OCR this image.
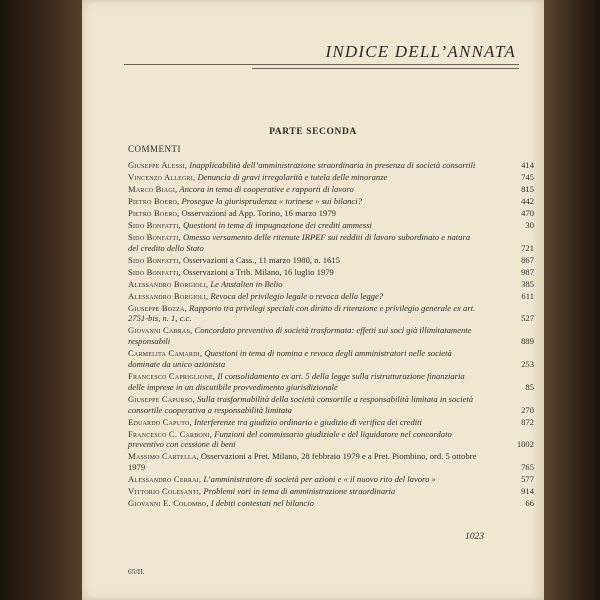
INDICE DELL’ANNATA
PARTE SECONDA
COMMENTI
Giuseppe Alessi, Inapplicabilità dell’amministrazione straordinaria in presenza di società consortili	414
Vincenzo Allegri, Denuncia di gravi irregolarità e tutela delle minoranze	745
Marco Biagi, Ancora in tema di cooperative e rapporti di lavoro	815
Pietro Boero, Prosegue la giurisprudenza « torinese » sui bilanci?	442
Pietro Boero, Osservazioni ad App. Torino, 16 marzo 1979	470
Sido Bonfatti, Questioni in tema di impugnazione dei crediti ammessi	30
Sido Bonfatti, Omesso versamento delle ritenute IRPEF sui redditi di lavoro subordinato e natura del credito dello Stato	721
Sido Bonfatti, Osservazioni a Cass., 11 marzo 1980, n. 1615	867
Sido Bonfatti, Osservazioni a Trib. Milano, 16 luglio 1979	987
Alessandro Borgioli, Le Anstalten in Belio	385
Alessandro Borgioli, Revoca del privilegio legale o revoca della legge?	611
Giuseppe Bozza, Rapporto tra privilegi speciali con diritto di ritenzione e privilegio generale ex art. 2751-bis, n. 1, c.c.	527
Giovanni Cabras, Concordato preventivo di società trasformata: effetti sui soci già illimitatamente responsabili	889
Carmelita Camardi, Questioni in tema di nomina e revoca degli amministratori nelle società dominate da unico azionista	253
Francesco Capriglione, Il consolidamento ex art. 5 della legge sulla ristrutturazione finanziaria delle imprese in un discutibile provvedimento giurisdizionale	85
Giuseppe Capurso, Sulla trasformabilità della società consortile a responsabilità limitata in società consortile cooperativa a responsabilità limitata	270
Eduardo Caputo, Interferenze tra giudizio ordinario e giudizio di verifica dei crediti	872
Francesco C. Carboni, Funzioni del commissario giudiziale e del liquidatore nel concordato preventivo con cessione di beni	1002
Massimo Cartella, Osservazioni a Pret. Milano, 28 febbraio 1979 e a Pret. Piombino, ord. 5 ottobre 1979	765
Alessandro Cerrai, L’amministratore di società per azioni e « il nuovo rito del lavoro »	577
Vittorio Colesanti, Problemi vari in tema di amministrazione straordinaria	914
Giovanni E. Colombo, I debiti contestati nel bilancio	66
1023
65/II.
